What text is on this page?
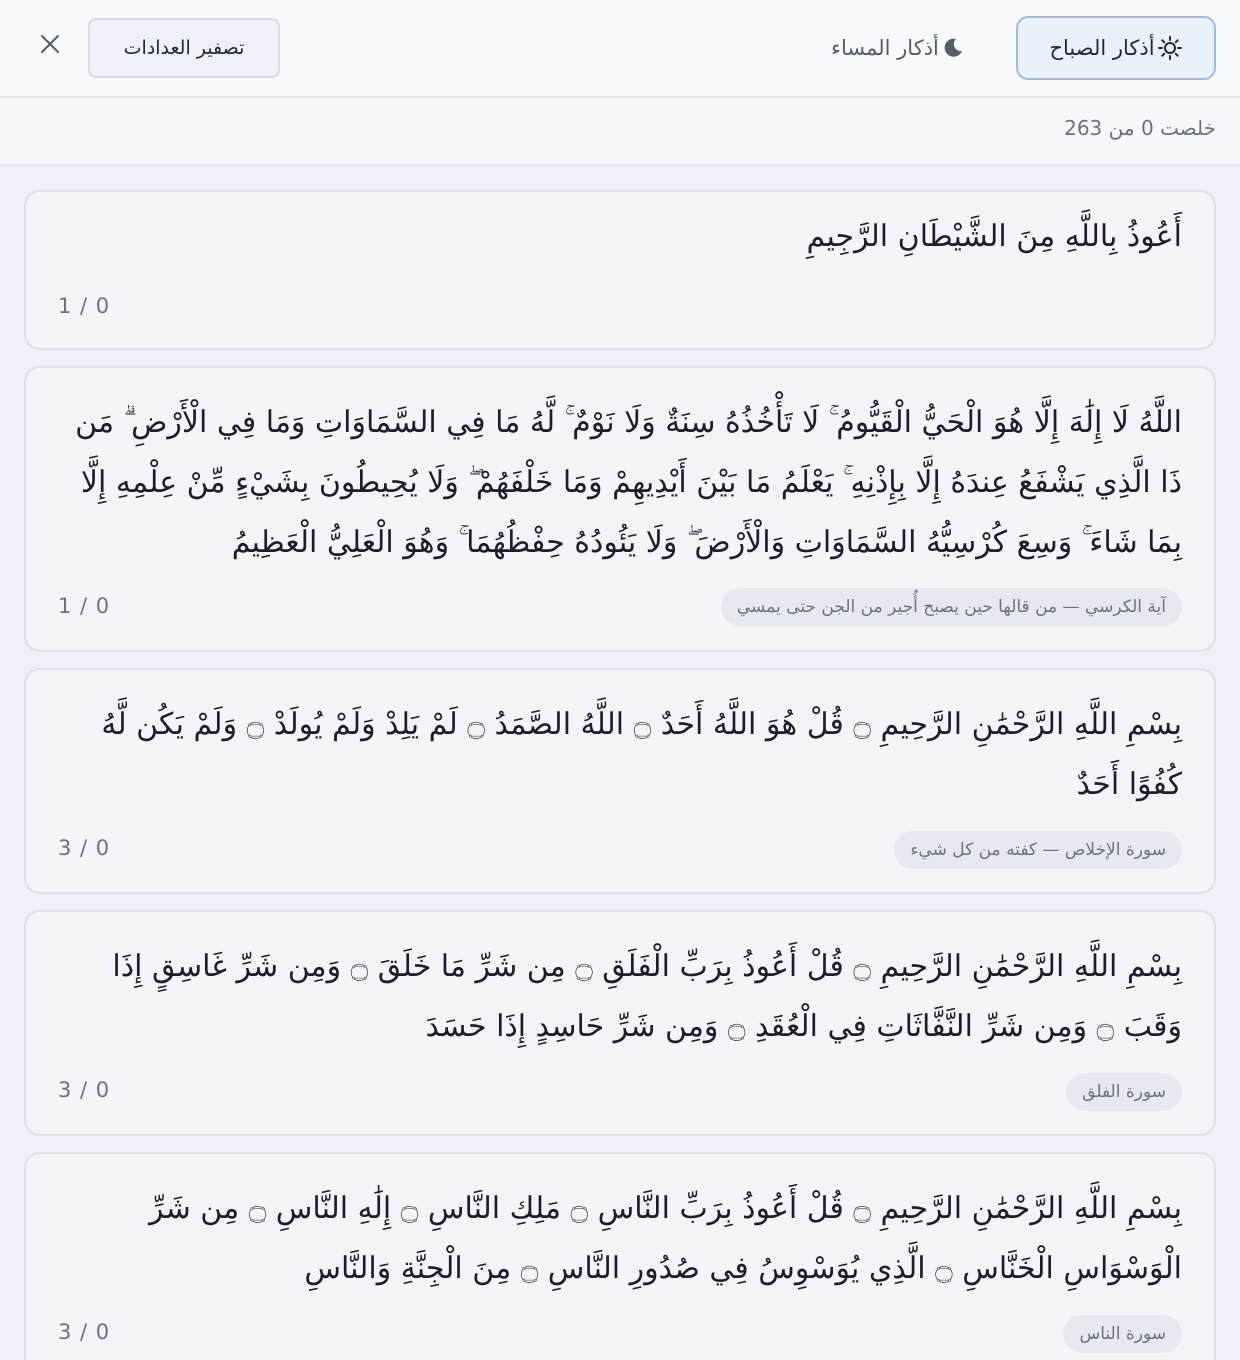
أذكار الصباح
أذكار المساء
تصفير العدادات
خلصت 0 من 263
أَعُوذُ بِاللَّهِ مِنَ الشَّيْطَانِ الرَّجِيمِ
1 / 0
اللَّهُ لَا إِلَٰهَ إِلَّا هُوَ الْحَيُّ الْقَيُّومُ ۚ لَا تَأْخُذُهُ سِنَةٌ وَلَا نَوْمٌ ۚ لَّهُ مَا فِي السَّمَاوَاتِ وَمَا فِي الْأَرْضِ ۗ مَن ذَا الَّذِي يَشْفَعُ عِندَهُ إِلَّا بِإِذْنِهِ ۚ يَعْلَمُ مَا بَيْنَ أَيْدِيهِمْ وَمَا خَلْفَهُمْ ۖ وَلَا يُحِيطُونَ بِشَيْءٍ مِّنْ عِلْمِهِ إِلَّا بِمَا شَاءَ ۚ وَسِعَ كُرْسِيُّهُ السَّمَاوَاتِ وَالْأَرْضَ ۖ وَلَا يَئُودُهُ حِفْظُهُمَا ۚ وَهُوَ الْعَلِيُّ الْعَظِيمُ
1 / 0	آية الكرسي — من قالها حين يصبح أُجير من الجن حتى يمسي
بِسْمِ اللَّهِ الرَّحْمَٰنِ الرَّحِيمِ ۝ قُلْ هُوَ اللَّهُ أَحَدٌ ۝ اللَّهُ الصَّمَدُ ۝ لَمْ يَلِدْ وَلَمْ يُولَدْ ۝ وَلَمْ يَكُن لَّهُ كُفُوًا أَحَدٌ
3 / 0	سورة الإخلاص — كفته من كل شيء
بِسْمِ اللَّهِ الرَّحْمَٰنِ الرَّحِيمِ ۝ قُلْ أَعُوذُ بِرَبِّ الْفَلَقِ ۝ مِن شَرِّ مَا خَلَقَ ۝ وَمِن شَرِّ غَاسِقٍ إِذَا وَقَبَ ۝ وَمِن شَرِّ النَّفَّاثَاتِ فِي الْعُقَدِ ۝ وَمِن شَرِّ حَاسِدٍ إِذَا حَسَدَ
3 / 0	سورة الفلق
بِسْمِ اللَّهِ الرَّحْمَٰنِ الرَّحِيمِ ۝ قُلْ أَعُوذُ بِرَبِّ النَّاسِ ۝ مَلِكِ النَّاسِ ۝ إِلَٰهِ النَّاسِ ۝ مِن شَرِّ الْوَسْوَاسِ الْخَنَّاسِ ۝ الَّذِي يُوَسْوِسُ فِي صُدُورِ النَّاسِ ۝ مِنَ الْجِنَّةِ وَالنَّاسِ
3 / 0	سورة الناس
